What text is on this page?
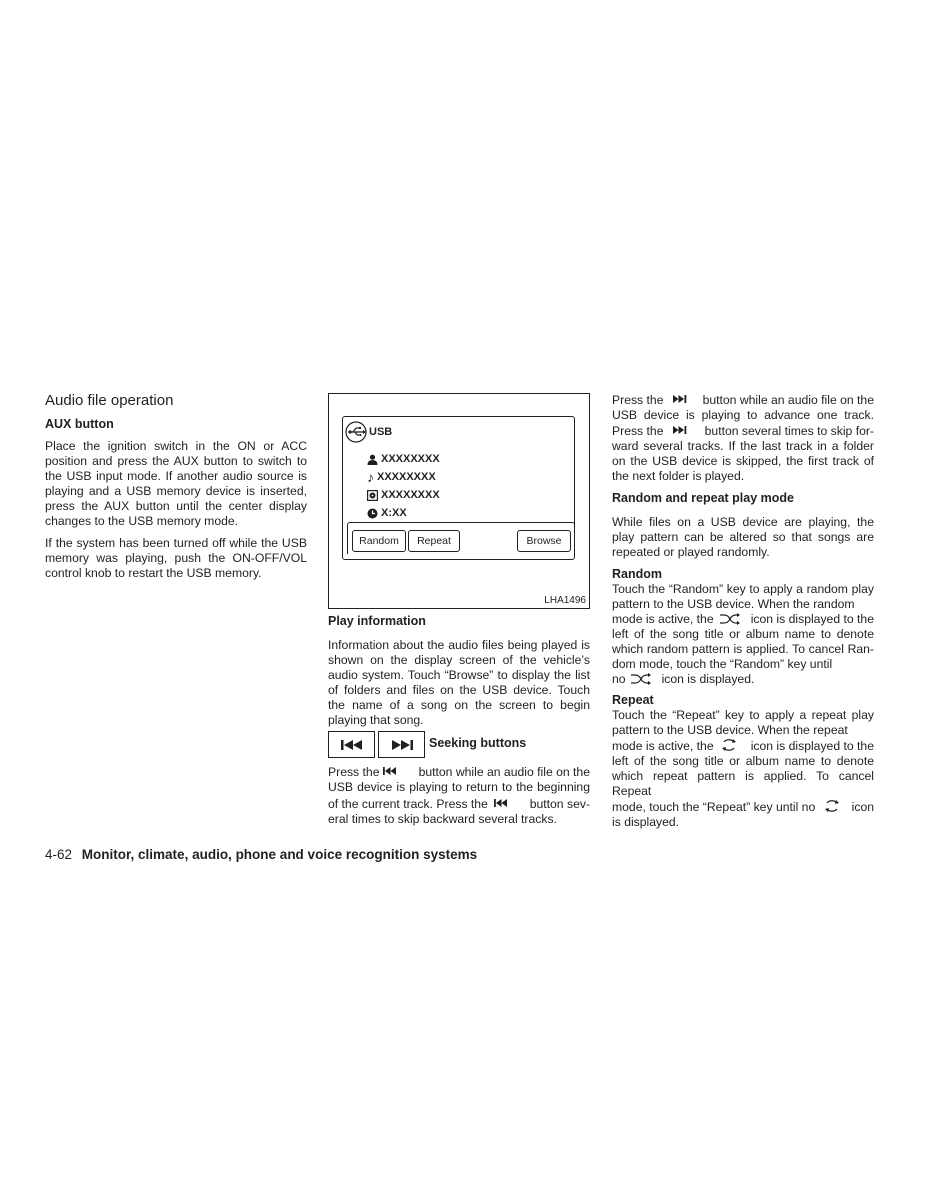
Audio file operation
AUX button

Place the ignition switch in the ON or ACC position and press the AUX button to switch to the USB input mode. If another audio source is playing and a USB memory device is inserted, press the AUX button until the center display changes to the USB memory mode.

If the system has been turned off while the USB memory was playing, push the ON-OFF/VOL control knob to restart the USB memory.

USB
XXXXXXXX
♪ XXXXXXXX
XXXXXXXX
X:XX
Random	Repeat	Browse
LHA1496
Play information

Information about the audio files being played is shown on the display screen of the vehicle’s audio system. Touch “Browse” to display the list of folders and files on the USB device. Touch the name of a song on the screen to begin playing that song.

Seeking buttons
Press the	button while an audio file on the
USB device is playing to return to the beginning
of the current track. Press the	button sev-
eral times to skip backward several tracks.
Press the	button while an audio file on the
USB device is playing to advance one track.
Press the	button several times to skip for-

ward several tracks. If the last track in a folder on the USB device is skipped, the first track of the next folder is played.

Random and repeat play mode

While files on a USB device are playing, the play pattern can be altered so that songs are repeated or played randomly.

Random

Touch the “Random” key to apply a random play pattern to the USB device. When the random

mode is active, the	icon is displayed to the

left of the song title or album name to denote which random pattern is applied. To cancel Ran- dom mode, touch the “Random” key until

no	icon is displayed.
Repeat

Touch the “Repeat” key to apply a repeat play pattern to the USB device. When the repeat

mode is active, the	icon is displayed to the

left of the song title or album name to denote which repeat pattern is applied. To cancel Repeat

mode, touch the “Repeat” key until no	icon

is displayed.

4-62 Monitor, climate, audio, phone and voice recognition systems
